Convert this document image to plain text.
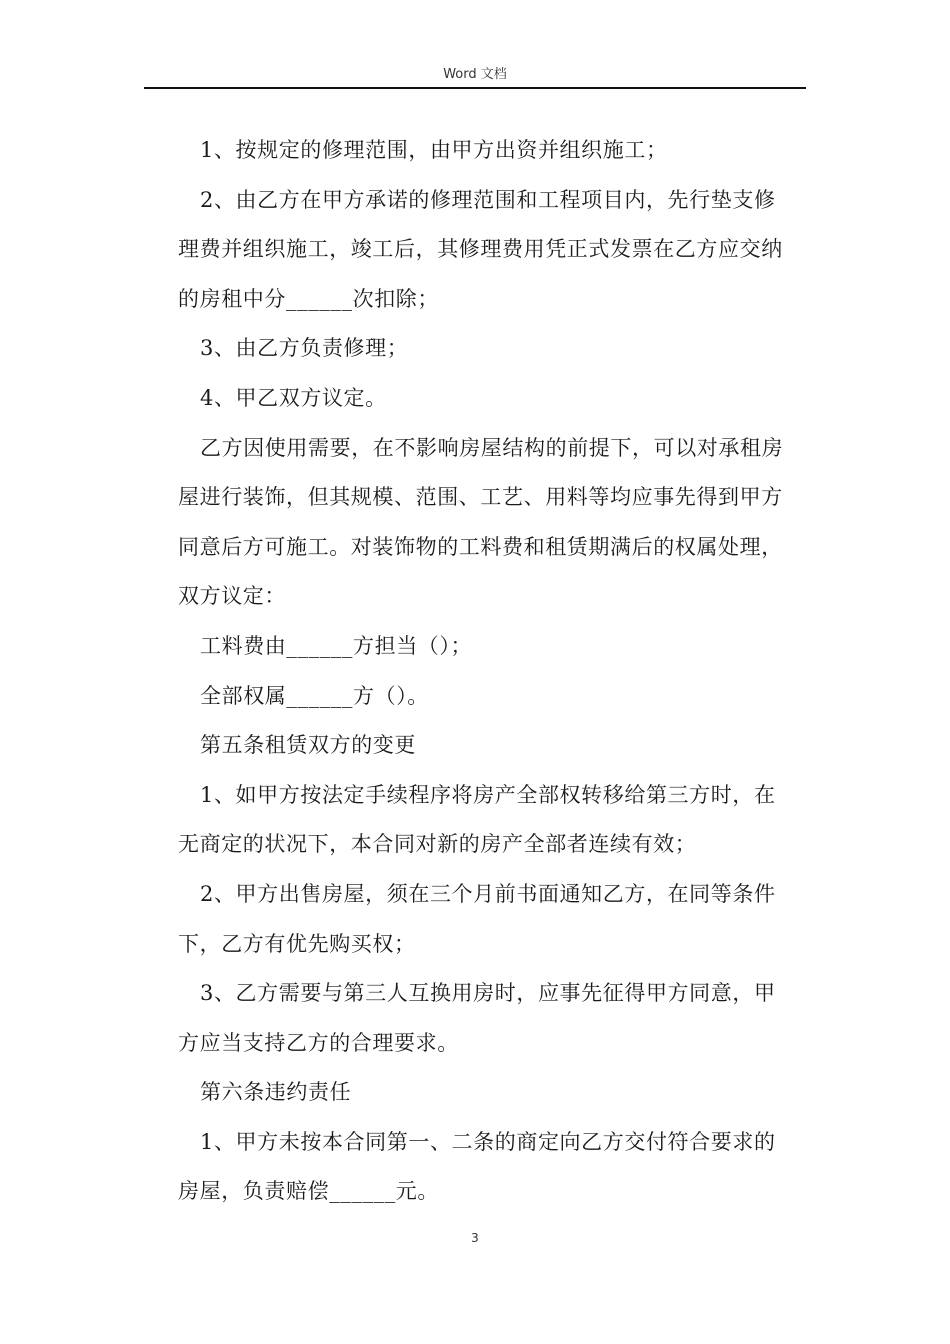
Word 文档

1、按规定的修理范围，由甲方出资并组织施工；

2、由乙方在甲方承诺的修理范围和工程项目内，先行垫支修理费并组织施工，竣工后，其修理费用凭正式发票在乙方应交纳的房租中分______次扣除；

3、由乙方负责修理；

4、甲乙双方议定。

乙方因使用需要，在不影响房屋结构的前提下，可以对承租房屋进行装饰，但其规模、范围、工艺、用料等均应事先得到甲方同意后方可施工。对装饰物的工料费和租赁期满后的权属处理，双方议定：

工料费由______方担当（）；

全部权属______方（）。

第五条租赁双方的变更

1、如甲方按法定手续程序将房产全部权转移给第三方时，在无商定的状况下，本合同对新的房产全部者连续有效；

2、甲方出售房屋，须在三个月前书面通知乙方，在同等条件下，乙方有优先购买权；

3、乙方需要与第三人互换用房时，应事先征得甲方同意，甲方应当支持乙方的合理要求。

第六条违约责任

1、甲方未按本合同第一、二条的商定向乙方交付符合要求的房屋，负责赔偿______元。

3
